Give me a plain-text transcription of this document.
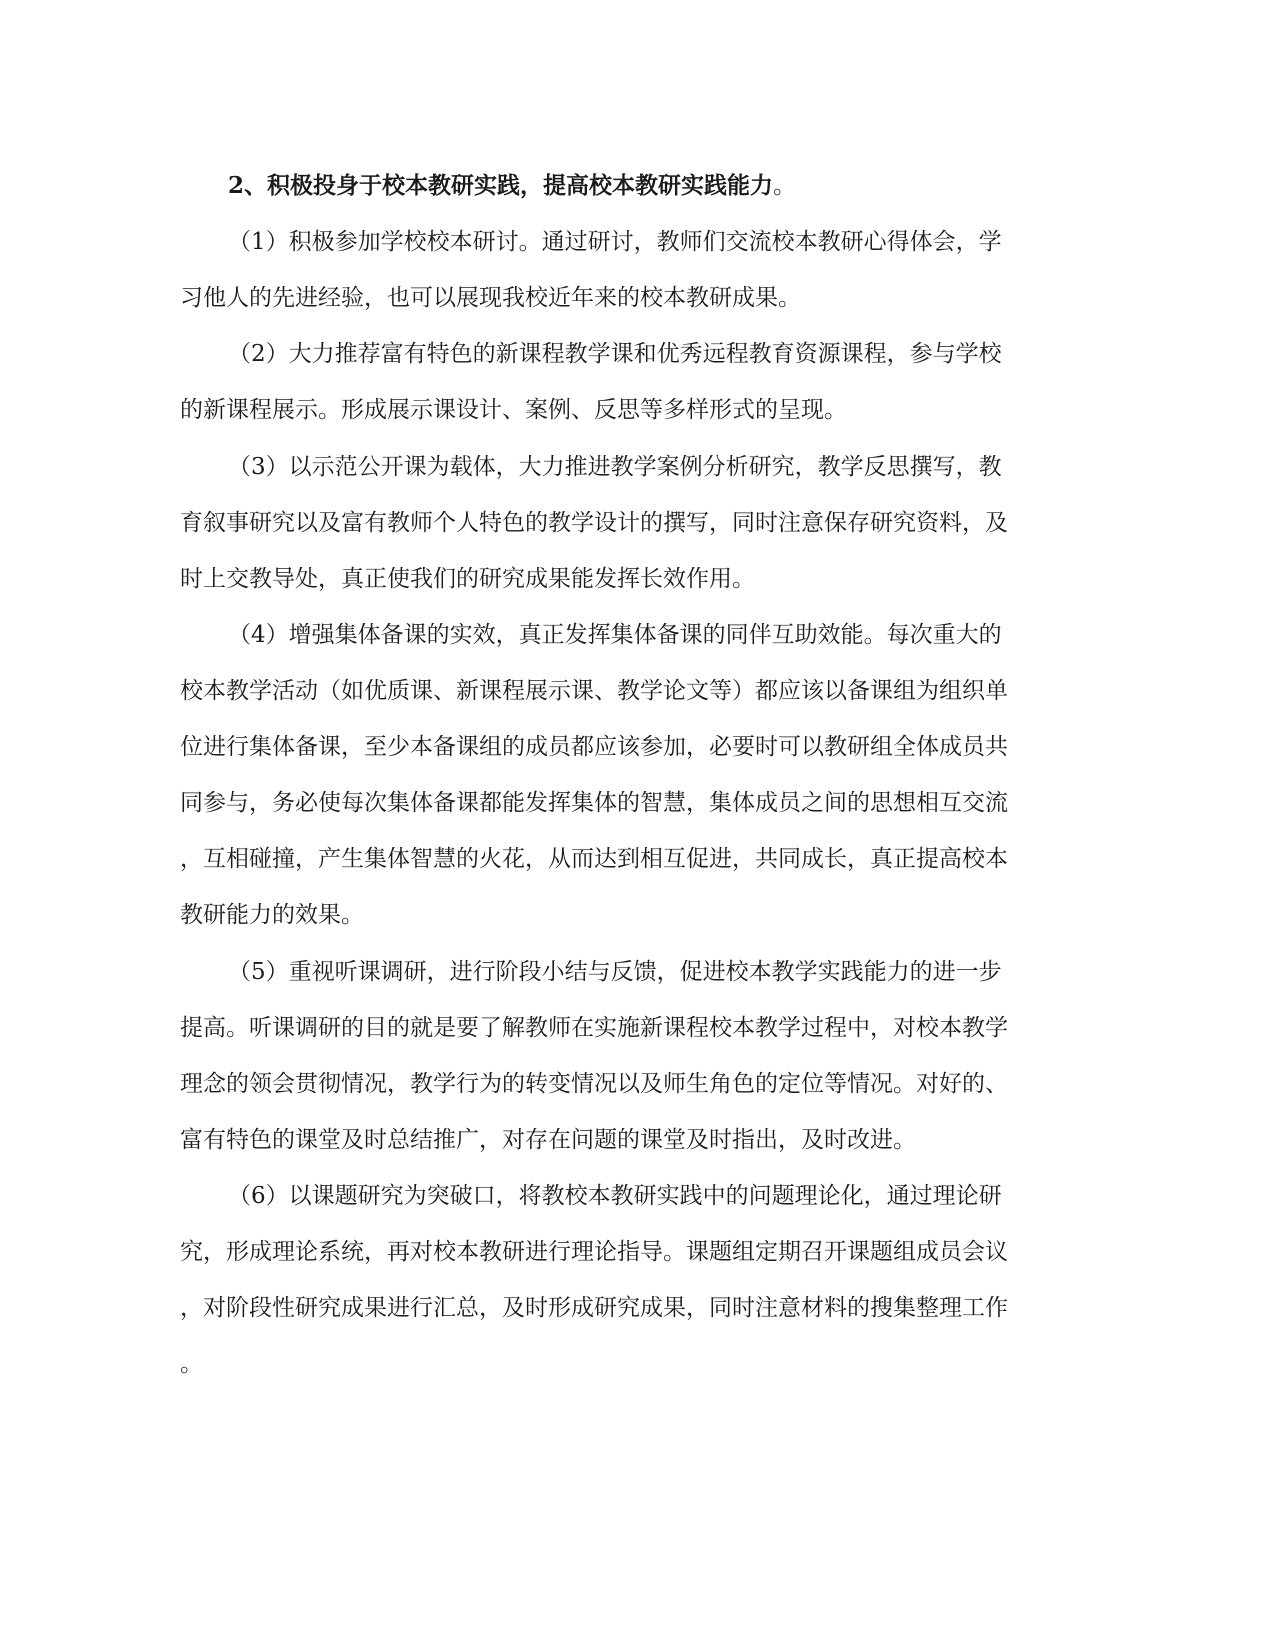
2、积极投身于校本教研实践，提高校本教研实践能力。
（1）积极参加学校校本研讨。通过研讨，教师们交流校本教研心得体会，学
习他人的先进经验，也可以展现我校近年来的校本教研成果。
（2）大力推荐富有特色的新课程教学课和优秀远程教育资源课程，参与学校
的新课程展示。形成展示课设计、案例、反思等多样形式的呈现。
（3）以示范公开课为载体，大力推进教学案例分析研究，教学反思撰写，教
育叙事研究以及富有教师个人特色的教学设计的撰写，同时注意保存研究资料，及
时上交教导处，真正使我们的研究成果能发挥长效作用。
（4）增强集体备课的实效，真正发挥集体备课的同伴互助效能。每次重大的
校本教学活动（如优质课、新课程展示课、教学论文等）都应该以备课组为组织单
位进行集体备课，至少本备课组的成员都应该参加，必要时可以教研组全体成员共
同参与，务必使每次集体备课都能发挥集体的智慧，集体成员之间的思想相互交流
，互相碰撞，产生集体智慧的火花，从而达到相互促进，共同成长，真正提高校本
教研能力的效果。
（5）重视听课调研，进行阶段小结与反馈，促进校本教学实践能力的进一步
提高。听课调研的目的就是要了解教师在实施新课程校本教学过程中，对校本教学
理念的领会贯彻情况，教学行为的转变情况以及师生角色的定位等情况。对好的、
富有特色的课堂及时总结推广，对存在问题的课堂及时指出，及时改进。
（6）以课题研究为突破口，将教校本教研实践中的问题理论化，通过理论研
究，形成理论系统，再对校本教研进行理论指导。课题组定期召开课题组成员会议
，对阶段性研究成果进行汇总，及时形成研究成果，同时注意材料的搜集整理工作
。
